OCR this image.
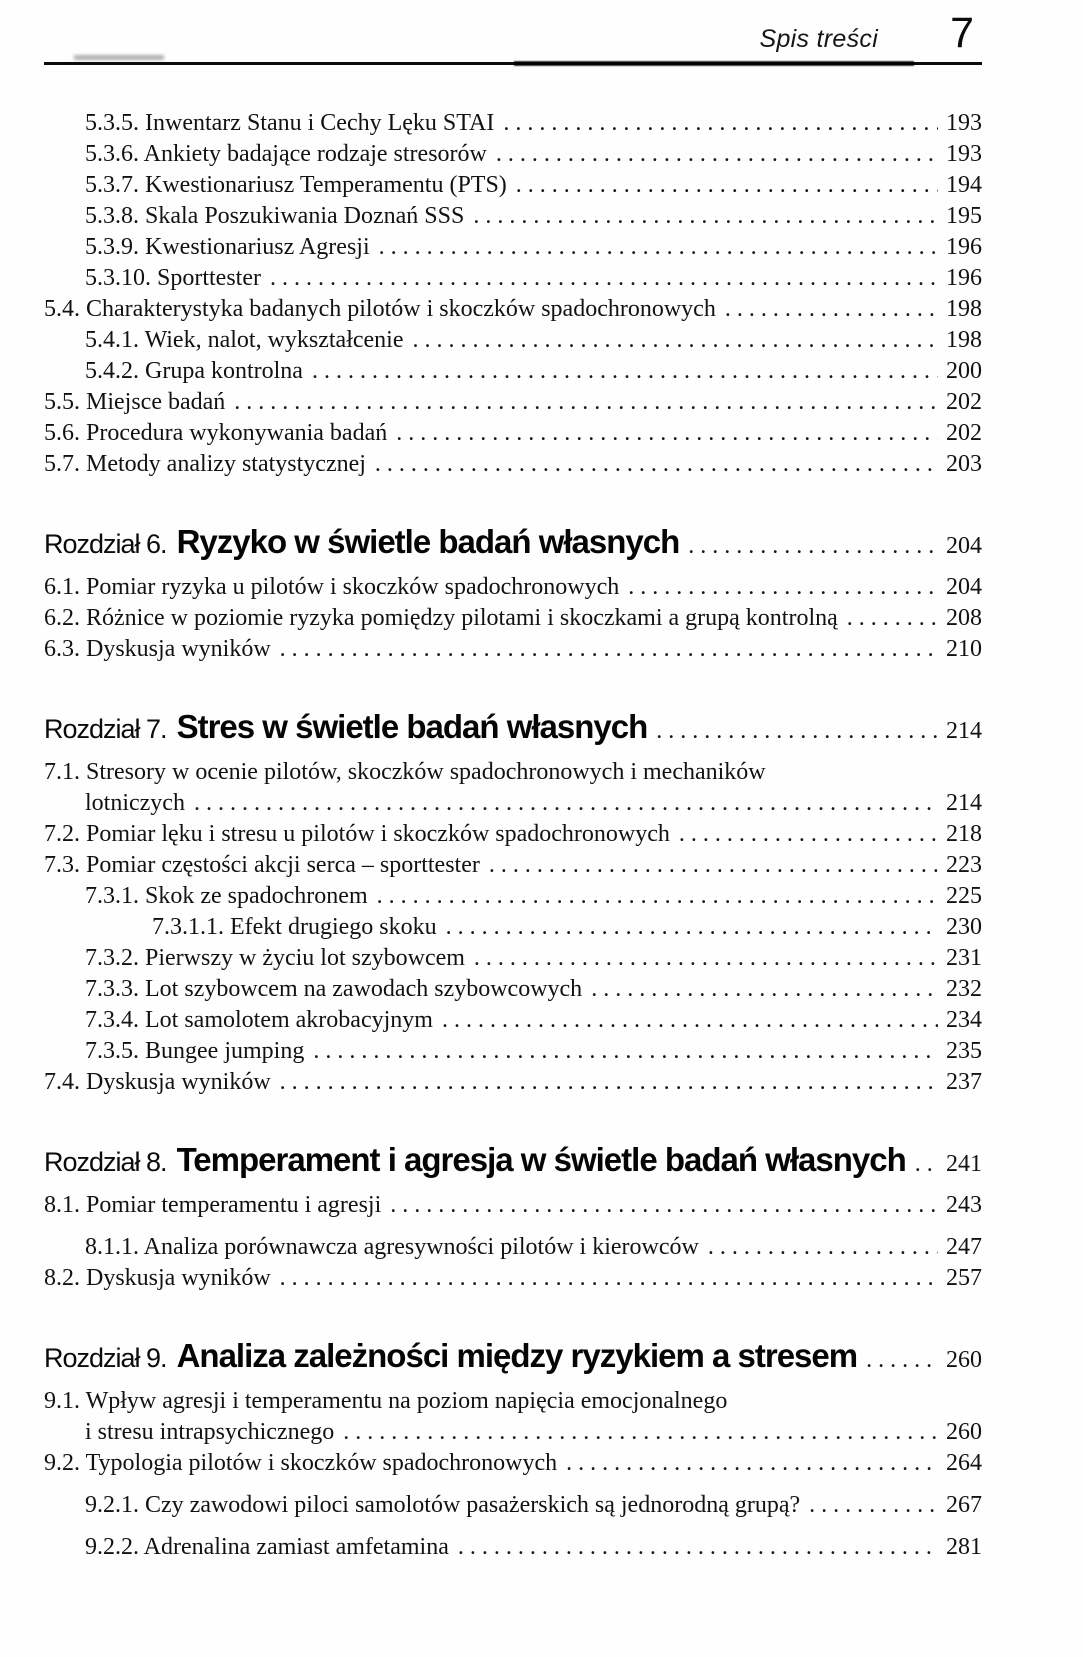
Spis treści 7
5.3.5. Inwentarz Stanu i Cechy Lęku STAI .....	193
5.3.6. Ankiety badające rodzaje stresorów .....	193
5.3.7. Kwestionariusz Temperamentu (PTS) .....	194
5.3.8. Skala Poszukiwania Doznań SSS .....	195
5.3.9. Kwestionariusz Agresji .....	196
5.3.10. Sporttester .....	196
5.4. Charakterystyka badanych pilotów i skoczków spadochronowych .....	198
5.4.1. Wiek, nalot, wykształcenie .....	198
5.4.2. Grupa kontrolna .....	200
5.5. Miejsce badań .....	202
5.6. Procedura wykonywania badań .....	202
5.7. Metody analizy statystycznej .....	203
Rozdział 6. Ryzyko w świetle badań własnych .....	204
6.1. Pomiar ryzyka u pilotów i skoczków spadochronowych .....	204
6.2. Różnice w poziomie ryzyka pomiędzy pilotami i skoczkami a grupą kontrolną .....	208
6.3. Dyskusja wyników .....	210
Rozdział 7. Stres w świetle badań własnych .....	214
7.1. Stresory w ocenie pilotów, skoczków spadochronowych i mechaników
lotniczych .....	214
7.2. Pomiar lęku i stresu u pilotów i skoczków spadochronowych .....	218
7.3. Pomiar częstości akcji serca – sporttester .....	223
7.3.1. Skok ze spadochronem .....	225
7.3.1.1. Efekt drugiego skoku .....	230
7.3.2. Pierwszy w życiu lot szybowcem .....	231
7.3.3. Lot szybowcem na zawodach szybowcowych .....	232
7.3.4. Lot samolotem akrobacyjnym .....	234
7.3.5. Bungee jumping .....	235
7.4. Dyskusja wyników .....	237
Rozdział 8. Temperament i agresja w świetle badań własnych ..... 241
8.1. Pomiar temperamentu i agresji .....	243
8.1.1. Analiza porównawcza agresywności pilotów i kierowców .....	247
8.2. Dyskusja wyników .....	257
Rozdział 9. Analiza zależności między ryzykiem a stresem .....	260
9.1. Wpływ agresji i temperamentu na poziom napięcia emocjonalnego
i stresu intrapsychicznego .....	260
9.2. Typologia pilotów i skoczków spadochronowych .....	264
9.2.1. Czy zawodowi piloci samolotów pasażerskich są jednorodną grupą? .....	267
9.2.2. Adrenalina zamiast amfetamina .....	281
